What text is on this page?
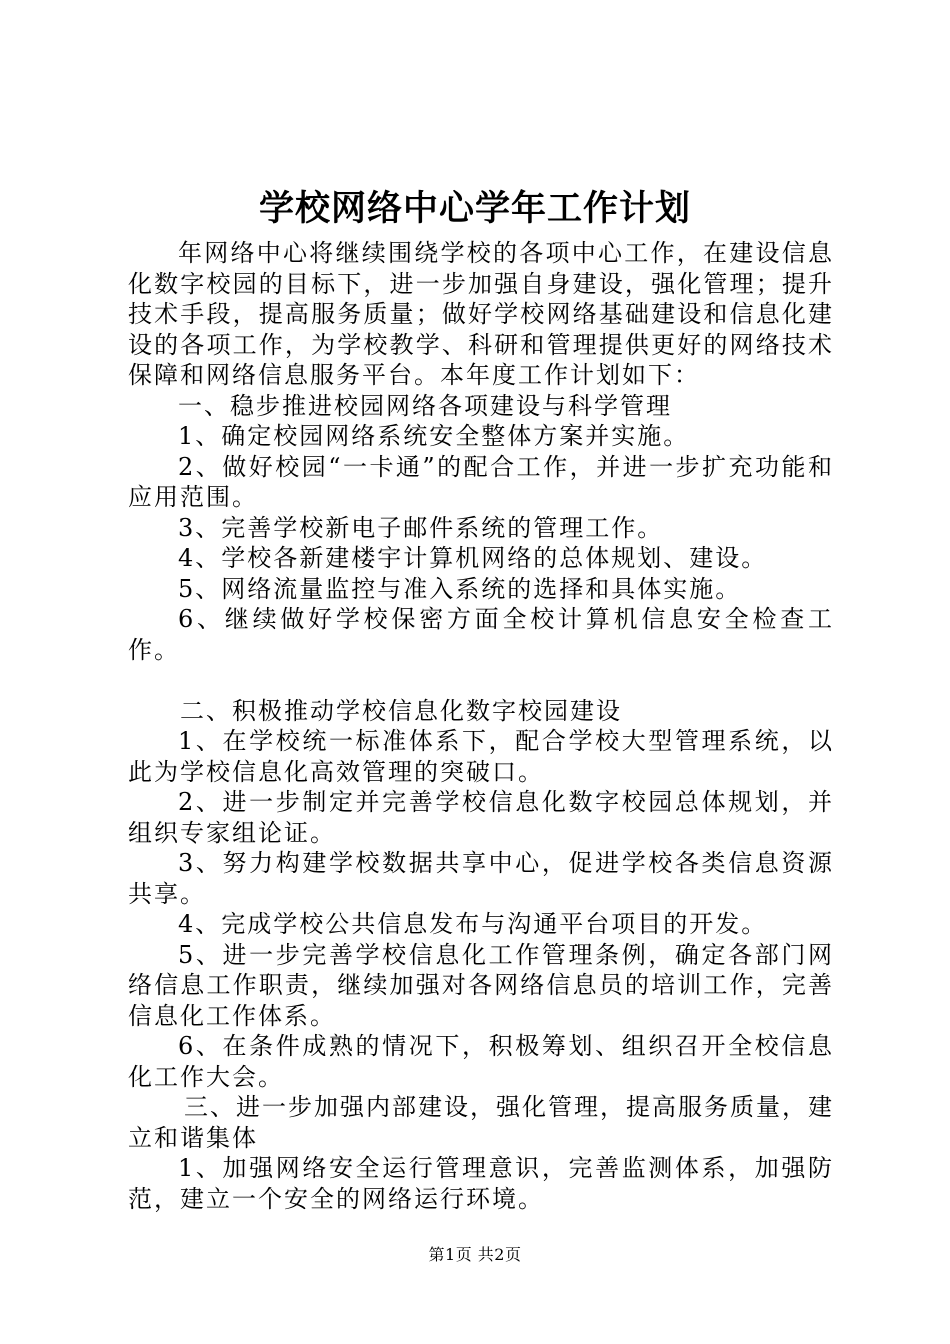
学校网络中心学年工作计划

年网络中心将继续围绕学校的各项中心工作，在建设信息化数字校园的目标下，进一步加强自身建设，强化管理；提升技术手段，提高服务质量；做好学校网络基础建设和信息化建设的各项工作，为学校教学、科研和管理提供更好的网络技术保障和网络信息服务平台。本年度工作计划如下：

一、稳步推进校园网络各项建设与科学管理

1、确定校园网络系统安全整体方案并实施。

2、做好校园“一卡通”的配合工作，并进一步扩充功能和应用范围。

3、完善学校新电子邮件系统的管理工作。

4、学校各新建楼宇计算机网络的总体规划、建设。

5、网络流量监控与准入系统的选择和具体实施。

6、继续做好学校保密方面全校计算机信息安全检查工作。

二、积极推动学校信息化数字校园建设

1、在学校统一标准体系下，配合学校大型管理系统，以此为学校信息化高效管理的突破口。

2、进一步制定并完善学校信息化数字校园总体规划，并组织专家组论证。

3、努力构建学校数据共享中心，促进学校各类信息资源共享。

4、完成学校公共信息发布与沟通平台项目的开发。

5、进一步完善学校信息化工作管理条例，确定各部门网络信息工作职责，继续加强对各网络信息员的培训工作，完善信息化工作体系。

6、在条件成熟的情况下，积极筹划、组织召开全校信息化工作大会。

三、进一步加强内部建设，强化管理，提高服务质量，建立和谐集体

1、加强网络安全运行管理意识，完善监测体系，加强防范，建立一个安全的网络运行环境。

第1页 共2页
